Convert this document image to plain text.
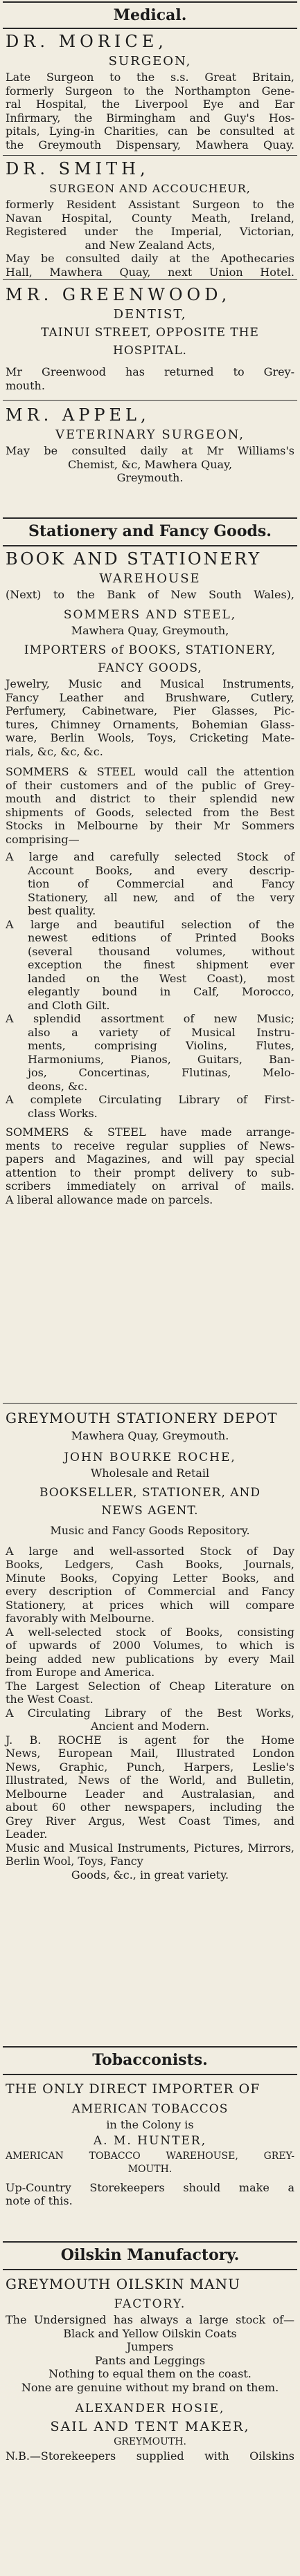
Medical.
DR. MORICE,
SURGEON,
Late Surgeon to the s.s. Great Britain,
formerly Surgeon to the Northampton Gene-
ral Hospital, the Liverpool Eye and Ear
Infirmary, the Birmingham and Guy's Hos-
pitals, Lying-in Charities, can be consulted at
the Greymouth Dispensary, Mawhera Quay.
DR. SMITH,
SURGEON AND ACCOUCHEUR,
formerly Resident Assistant Surgeon to the
Navan Hospital, County Meath, Ireland,
Registered under the Imperial, Victorian,
and New Zealand Acts,
May be consulted daily at the Apothecaries
Hall, Mawhera Quay, next Union Hotel.
MR. GREENWOOD,
DENTIST,
TAINUI STREET, OPPOSITE THE
HOSPITAL.
Mr Greenwood has returned to Grey-
mouth.
MR. APPEL,
VETERINARY SURGEON,
May be consulted daily at Mr Williams's
Chemist, &c, Mawhera Quay,
Greymouth.
Stationery and Fancy Goods.
BOOK AND STATIONERY
WAREHOUSE
(Next) to the Bank of New South Wales),
SOMMERS AND STEEL,
Mawhera Quay, Greymouth,
IMPORTERS of BOOKS, STATIONERY,
FANCY GOODS,
Jewelry, Music and Musical Instruments,
Fancy Leather and Brushware, Cutlery,
Perfumery, Cabinetware, Pier Glasses, Pic-
tures, Chimney Ornaments, Bohemian Glass-
ware, Berlin Wools, Toys, Cricketing Mate-
rials, &c, &c, &c.
SOMMERS & STEEL would call the attention
of their customers and of the public of Grey-
mouth and district to their splendid new
shipments of Goods, selected from the Best
Stocks in Melbourne by their Mr Sommers
comprising—
A large and carefully selected Stock of
Account Books, and every descrip-
tion of Commercial and Fancy
Stationery, all new, and of the very
best quality.
A large and beautiful selection of the
newest editions of Printed Books
(several thousand volumes, without
exception the finest shipment ever
landed on the West Coast), most
elegantly bound in Calf, Morocco,
and Cloth Gilt.
A splendid assortment of new Music;
also a variety of Musical Instru-
ments, comprising Violins, Flutes,
Harmoniums, Pianos, Guitars, Ban-
jos, Concertinas, Flutinas, Melo-
deons, &c.
A complete Circulating Library of First-
class Works.
SOMMERS & STEEL have made arrange-
ments to receive regular supplies of News-
papers and Magazines, and will pay special
attention to their prompt delivery to sub-
scribers immediately on arrival of mails.
A liberal allowance made on parcels.
GREYMOUTH STATIONERY DEPOT
Mawhera Quay, Greymouth.
JOHN BOURKE ROCHE,
Wholesale and Retail
BOOKSELLER, STATIONER, AND
NEWS AGENT.
Music and Fancy Goods Repository.
A large and well-assorted Stock of Day
Books, Ledgers, Cash Books, Journals,
Minute Books, Copying Letter Books, and
every description of Commercial and Fancy
Stationery, at prices which will compare
favorably with Melbourne.
A well-selected stock of Books, consisting
of upwards of 2000 Volumes, to which is
being added new publications by every Mail
from Europe and America.
The Largest Selection of Cheap Literature on
the West Coast.
A Circulating Library of the Best Works,
Ancient and Modern.
J. B. ROCHE is agent for the Home
News, European Mail, Illustrated London
News, Graphic, Punch, Harpers, Leslie's
Illustrated, News of the World, and Bulletin,
Melbourne Leader and Australasian, and
about 60 other newspapers, including the
Grey River Argus, West Coast Times, and
Leader.
Music and Musical Instruments, Pictures, Mirrors, Berlin Wool, Toys, Fancy
Goods, &c., in great variety.
Tobacconists.
THE ONLY DIRECT IMPORTER OF
AMERICAN TOBACCOS
in the Colony is
A. M. HUNTER,
AMERICAN TOBACCO WAREHOUSE, GREY-
MOUTH.
Up-Country Storekeepers should make a
note of this.
Oilskin Manufactory.
GREYMOUTH OILSKIN MANU
FACTORY.
The Undersigned has always a large stock of—
Black and Yellow Oilskin Coats
Jumpers
Pants and Leggings
Nothing to equal them on the coast.
None are genuine without my brand on them.
ALEXANDER HOSIE,
SAIL AND TENT MAKER,
GREYMOUTH.
N.B.—Storekeepers supplied with Oilskins
